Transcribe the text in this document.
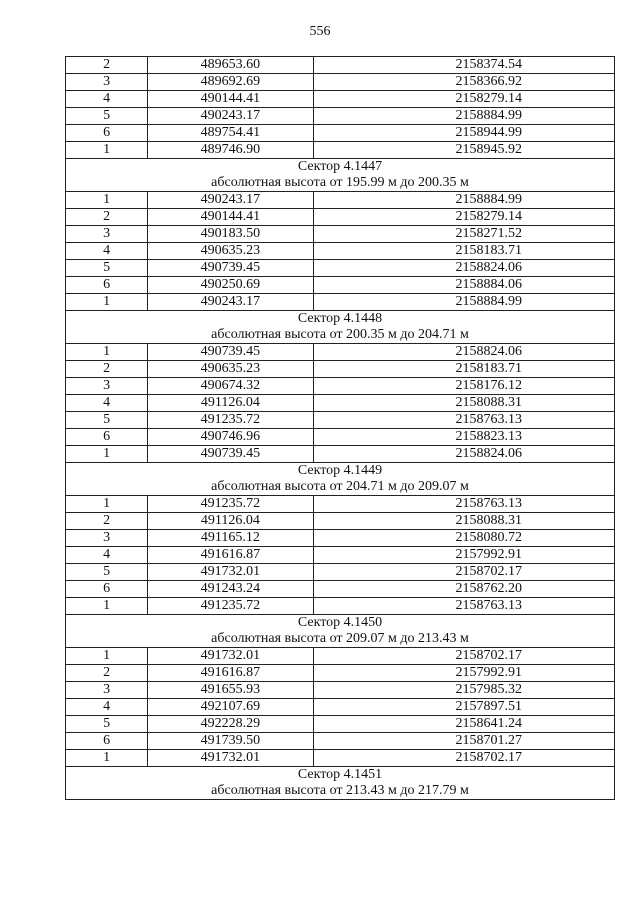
556
2	489653.60	2158374.54
3	489692.69	2158366.92
4	490144.41	2158279.14
5	490243.17	2158884.99
6	489754.41	2158944.99
1	489746.90	2158945.92
Сектор 4.1447		
абсолютная высота от 195.99 м до 200.35 м		
1	490243.17	2158884.99
2	490144.41	2158279.14
3	490183.50	2158271.52
4	490635.23	2158183.71
5	490739.45	2158824.06
6	490250.69	2158884.06
1	490243.17	2158884.99
Сектор 4.1448		
абсолютная высота от 200.35 м до 204.71 м		
1	490739.45	2158824.06
2	490635.23	2158183.71
3	490674.32	2158176.12
4	491126.04	2158088.31
5	491235.72	2158763.13
6	490746.96	2158823.13
1	490739.45	2158824.06
Сектор 4.1449		
абсолютная высота от 204.71 м до 209.07 м		
1	491235.72	2158763.13
2	491126.04	2158088.31
3	491165.12	2158080.72
4	491616.87	2157992.91
5	491732.01	2158702.17
6	491243.24	2158762.20
1	491235.72	2158763.13
Сектор 4.1450		
абсолютная высота от 209.07 м до 213.43 м		
1	491732.01	2158702.17
2	491616.87	2157992.91
3	491655.93	2157985.32
4	492107.69	2157897.51
5	492228.29	2158641.24
6	491739.50	2158701.27
1	491732.01	2158702.17
Сектор 4.1451		
абсолютная высота от 213.43 м до 217.79 м		
